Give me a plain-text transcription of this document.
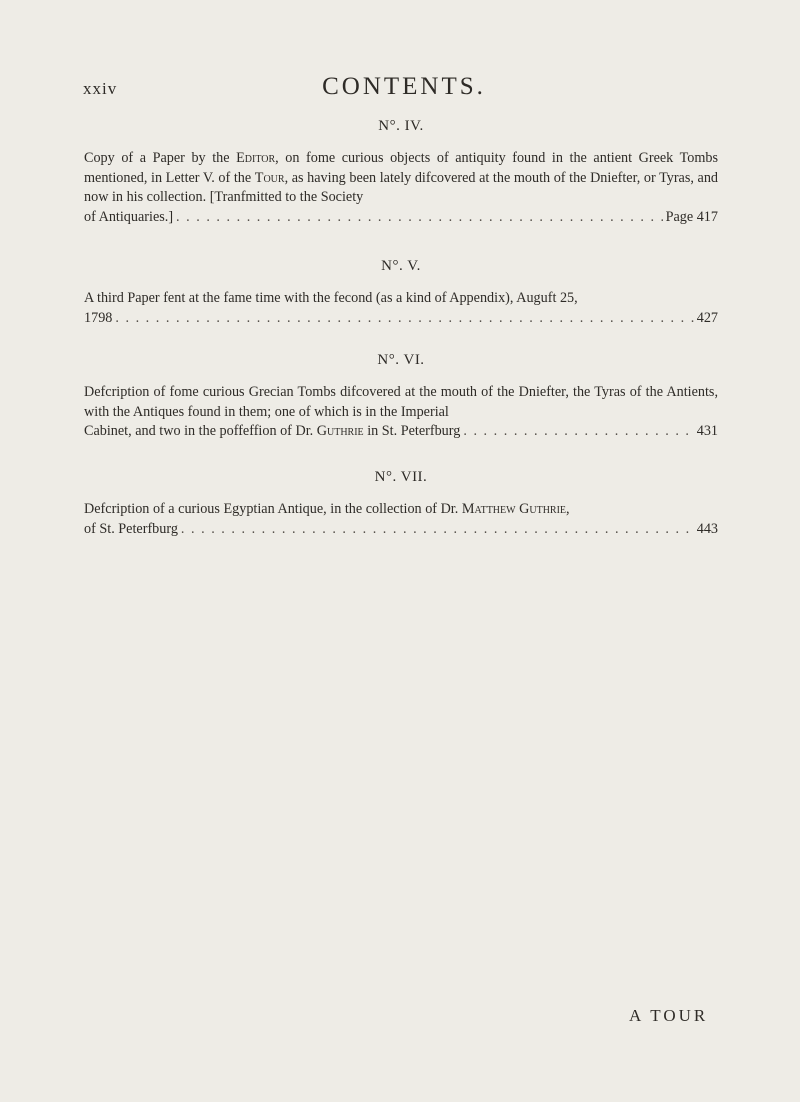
xxiv	CONTENTS.
N°. IV.
Copy of a Paper by the Editor, on fome curious objects of antiquity found in the antient Greek Tombs mentioned, in Letter V. of the Tour, as having been lately difcovered at the mouth of the Dniefter, or Tyras, and now in his collection. [Tranfmitted to the Society
of Antiquaries.] . . .	Page 417
N°. V.
A third Paper fent at the fame time with the fecond (as a kind of Appendix), Auguft 25,
1798 . . .	427
N°. VI.
Defcription of fome curious Grecian Tombs difcovered at the mouth of the Dniefter, the Tyras of the Antients, with the Antiques found in them; one of which is in the Imperial
Cabinet, and two in the poffeffion of Dr. Guthrie in St. Peterfburg . . .	431
N°. VII.
Defcription of a curious Egyptian Antique, in the collection of Dr. Matthew Guthrie,
of St. Peterfburg . . .	443
A TOUR
